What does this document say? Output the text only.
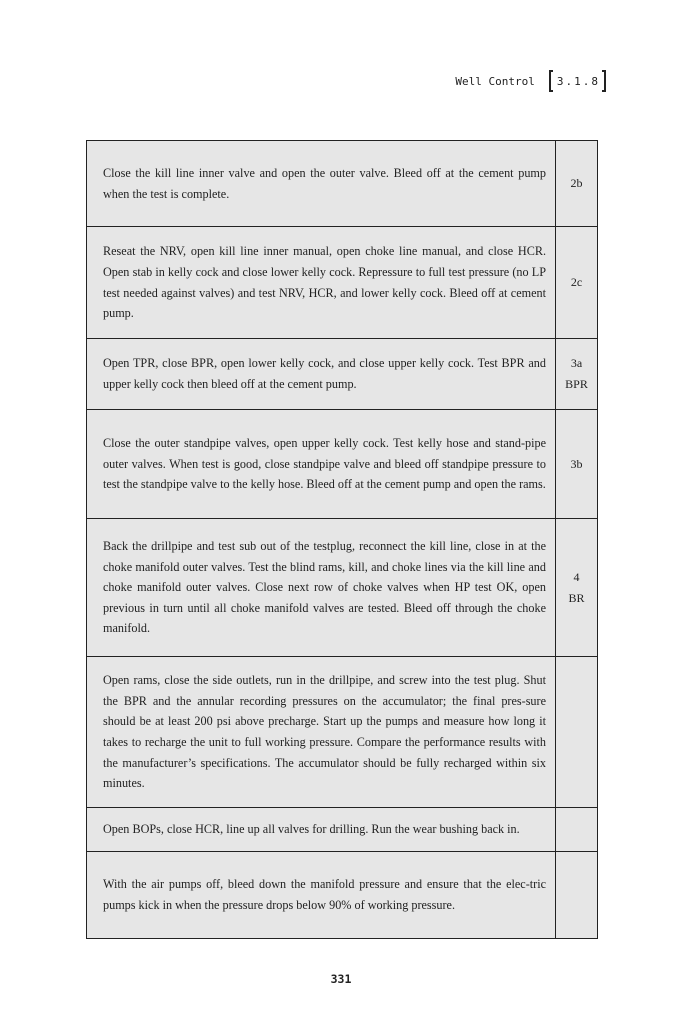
Well Control 3.1.8
Close the kill line inner valve and open the outer valve. Bleed off at the cement pump when the test is complete.
2b
Reseat the NRV, open kill line inner manual, open choke line manual, and close HCR. Open stab in kelly cock and close lower kelly cock. Repressure to full test pressure (no LP test needed against valves) and test NRV, HCR, and lower kelly cock. Bleed off at cement pump.
2c
Open TPR, close BPR, open lower kelly cock, and close upper kelly cock. Test BPR and upper kelly cock then bleed off at the cement pump.
3a
BPR
Close the outer standpipe valves, open upper kelly cock. Test kelly hose and stand-pipe outer valves. When test is good, close standpipe valve and bleed off standpipe pressure to test the standpipe valve to the kelly hose. Bleed off at the cement pump and open the rams.
3b
Back the drillpipe and test sub out of the testplug, reconnect the kill line, close in at the choke manifold outer valves. Test the blind rams, kill, and choke lines via the kill line and choke manifold outer valves. Close next row of choke valves when HP test OK, open previous in turn until all choke manifold valves are tested. Bleed off through the choke manifold.
4
BR
Open rams, close the side outlets, run in the drillpipe, and screw into the test plug. Shut the BPR and the annular recording pressures on the accumulator; the final pres-sure should be at least 200 psi above precharge. Start up the pumps and measure how long it takes to recharge the unit to full working pressure. Compare the performance results with the manufacturer’s specifications. The accumulator should be fully recharged within six minutes.
Open BOPs, close HCR, line up all valves for drilling. Run the wear bushing back in.
With the air pumps off, bleed down the manifold pressure and ensure that the elec-tric pumps kick in when the pressure drops below 90% of working pressure.
331
